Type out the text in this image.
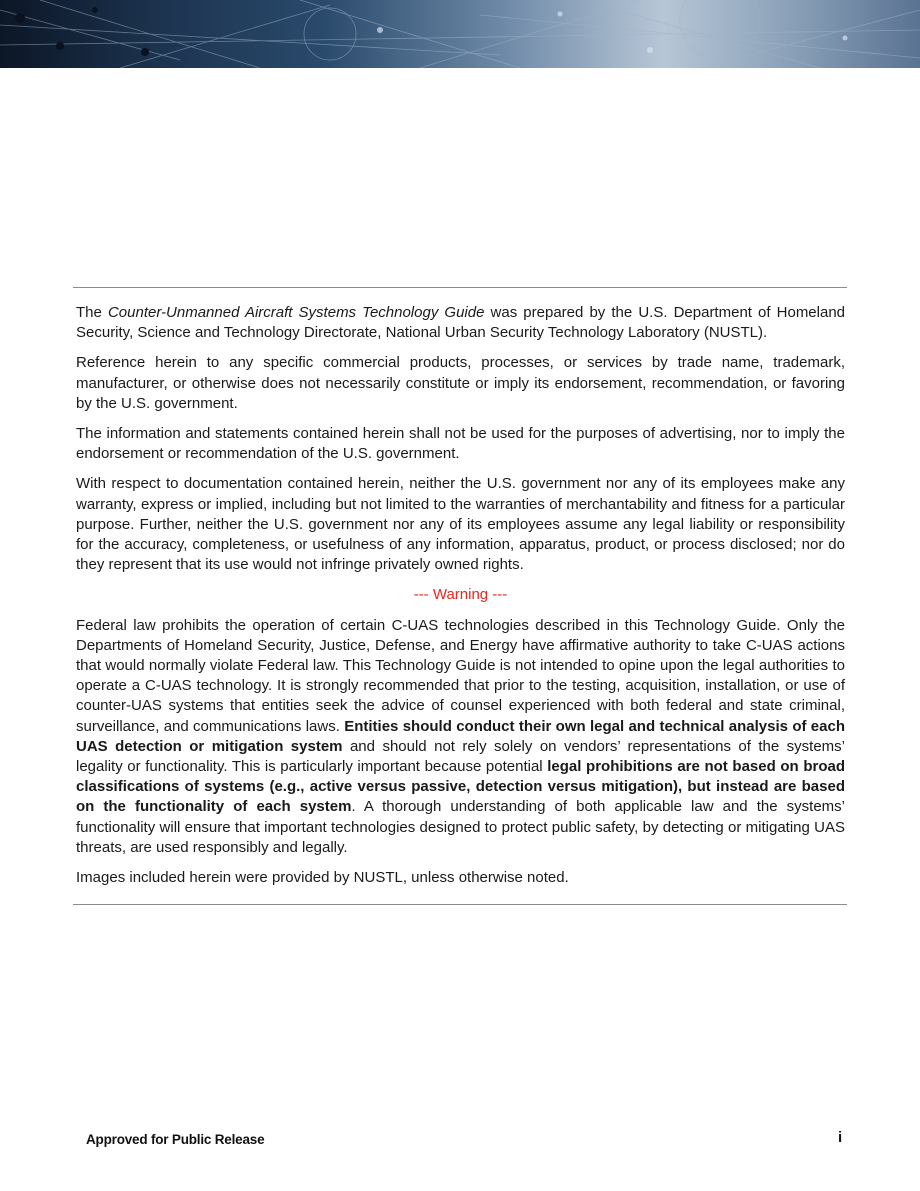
The Counter-Unmanned Aircraft Systems Technology Guide was prepared by the U.S. Department of Homeland Security, Science and Technology Directorate, National Urban Security Technology Laboratory (NUSTL).

Reference herein to any specific commercial products, processes, or services by trade name, trademark, manufacturer, or otherwise does not necessarily constitute or imply its endorsement, recommendation, or favoring by the U.S. government.

The information and statements contained herein shall not be used for the purposes of advertising, nor to imply the endorsement or recommendation of the U.S. government.

With respect to documentation contained herein, neither the U.S. government nor any of its employees make any warranty, express or implied, including but not limited to the warranties of merchantability and fitness for a particular purpose. Further, neither the U.S. government nor any of its employees assume any legal liability or responsibility for the accuracy, completeness, or usefulness of any information, apparatus, product, or process disclosed; nor do they represent that its use would not infringe privately owned rights.

--- Warning ---

Federal law prohibits the operation of certain C-UAS technologies described in this Technology Guide. Only the Departments of Homeland Security, Justice, Defense, and Energy have affirmative authority to take C-UAS actions that would normally violate Federal law. This Technology Guide is not intended to opine upon the legal authorities to operate a C-UAS technology. It is strongly recommended that prior to the testing, acquisition, installation, or use of counter-UAS systems that entities seek the advice of counsel experienced with both federal and state criminal, surveillance, and communications laws. Entities should conduct their own legal and technical analysis of each UAS detection or mitigation system and should not rely solely on vendors’ representations of the systems’ legality or functionality. This is particularly important because potential legal prohibitions are not based on broad classifications of systems (e.g., active versus passive, detection versus mitigation), but instead are based on the functionality of each system. A thorough understanding of both applicable law and the systems’ functionality will ensure that important technologies designed to protect public safety, by detecting or mitigating UAS threats, are used responsibly and legally.

Images included herein were provided by NUSTL, unless otherwise noted.

Approved for Public Release	i
